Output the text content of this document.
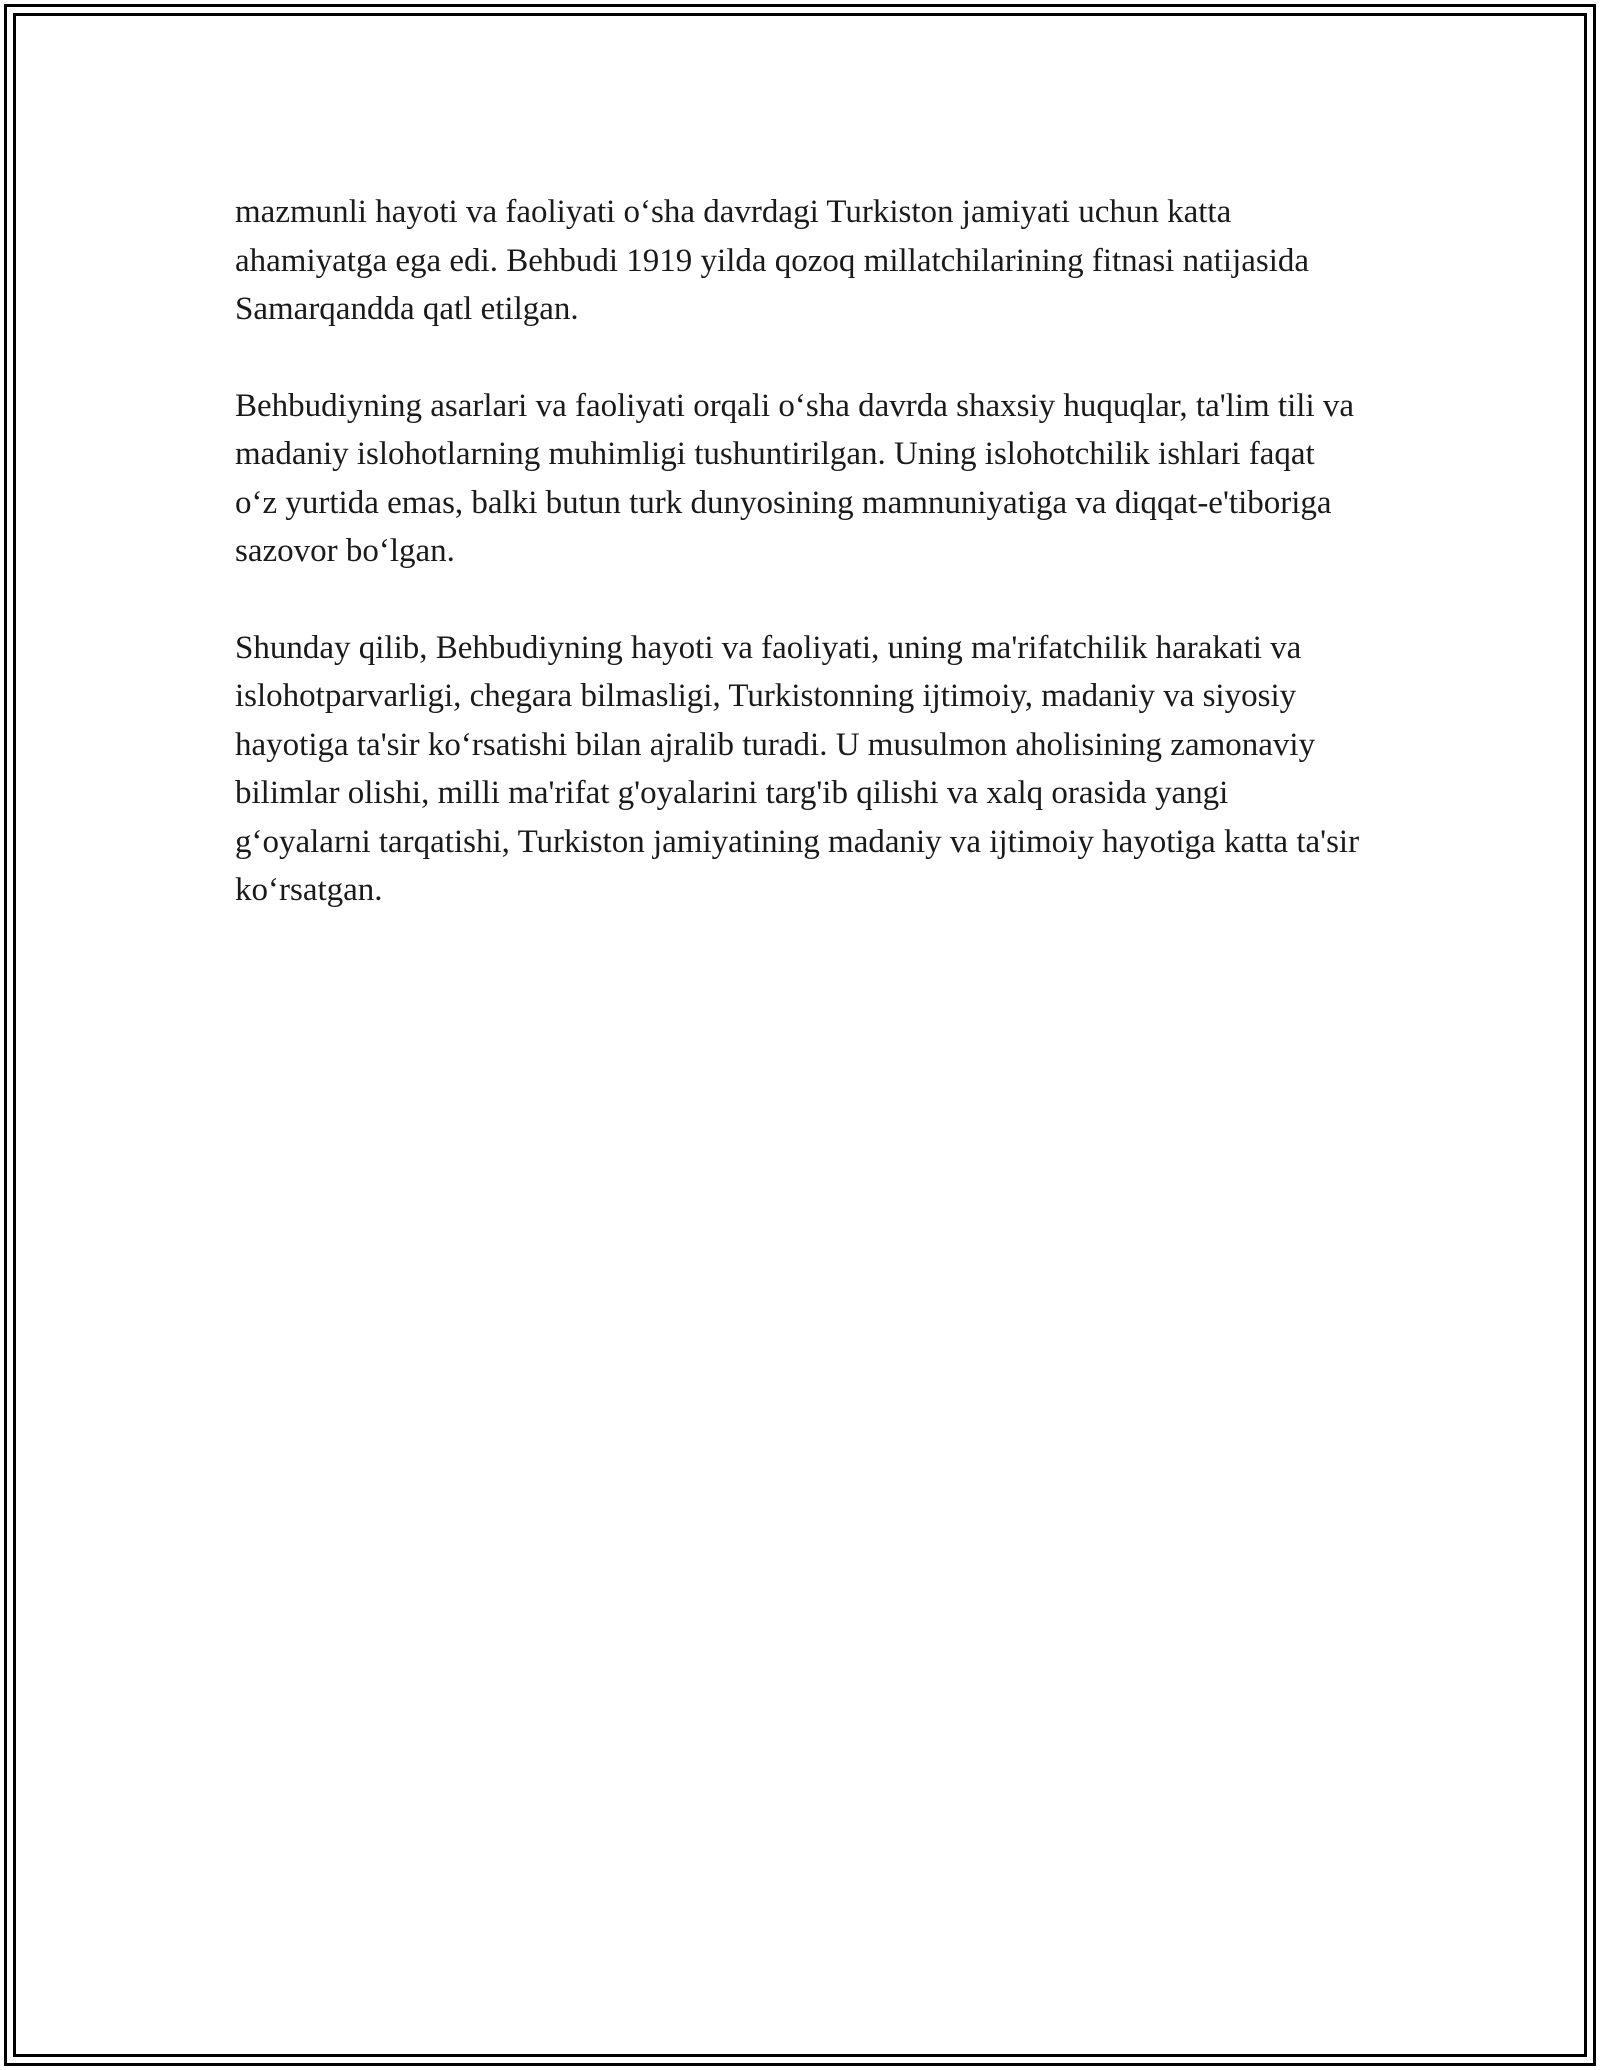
mazmunli hayoti va faoliyati o‘sha davrdagi Turkiston jamiyati uchun katta ahamiyatga ega edi. Behbudi 1919 yilda qozoq millatchilarining fitnasi natijasida Samarqandda qatl etilgan.

Behbudiyning asarlari va faoliyati orqali o‘sha davrda shaxsiy huquqlar, ta'lim tili va madaniy islohotlarning muhimligi tushuntirilgan. Uning islohotchilik ishlari faqat o‘z yurtida emas, balki butun turk dunyosining mamnuniyatiga va diqqat-e'tiboriga sazovor bo‘lgan.

Shunday qilib, Behbudiyning hayoti va faoliyati, uning ma'rifatchilik harakati va islohotparvarligi, chegara bilmasligi, Turkistonning ijtimoiy, madaniy va siyosiy hayotiga ta'sir ko‘rsatishi bilan ajralib turadi. U musulmon aholisining zamonaviy bilimlar olishi, milli ma'rifat g'oyalarini targ'ib qilishi va xalq orasida yangi g‘oyalarni tarqatishi, Turkiston jamiyatining madaniy va ijtimoiy hayotiga katta ta'sir ko‘rsatgan.
